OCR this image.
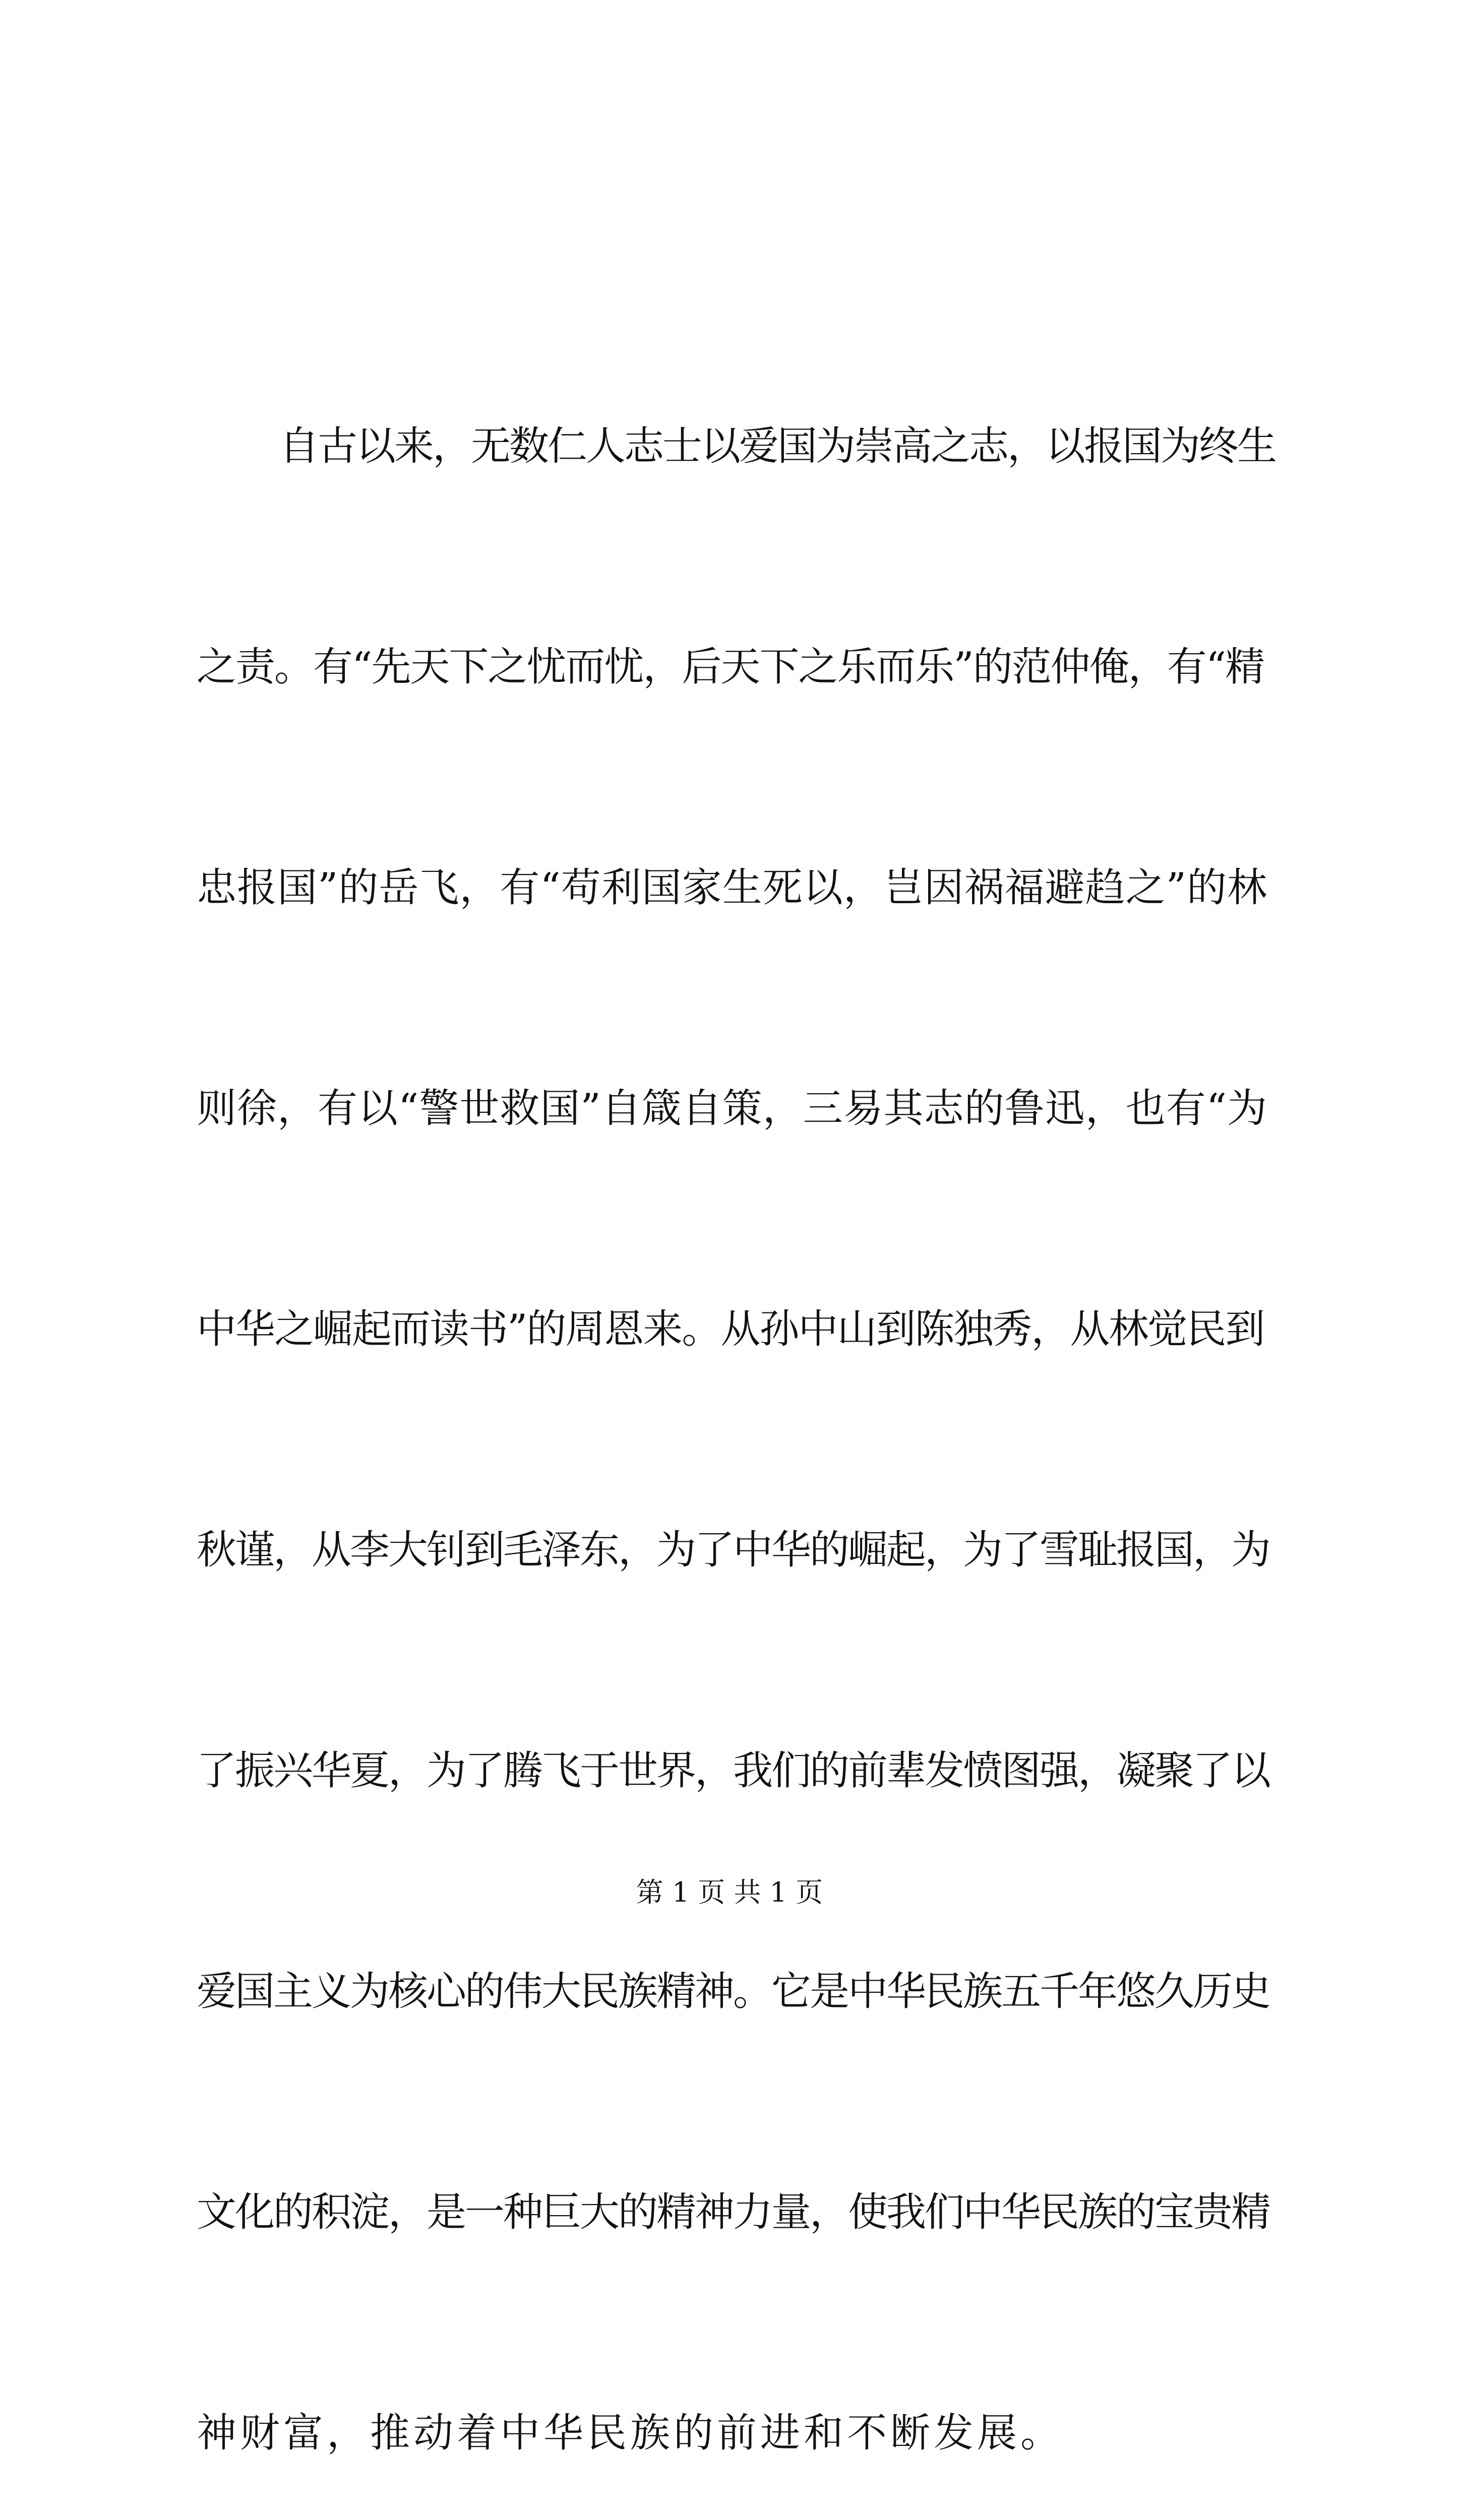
自古以来，无数仁人志士以爱国为崇高之志，以报国为终生

之责。有“先天下之忧而忧，后天下之乐而乐”的范仲俺，有“精

忠报国”的岳飞，有“苟利国家生死以，岂因祸福避趋之”的林

则徐，有以“警世救国”自箴自策，三易其志的鲁迅，也有“为

中华之崛起而读书”的周恩来。从孙中山到陈独秀，从林觉民到

秋谨，从李大钊到毛泽东，为了中华的崛起，为了雪耻报国，为

了振兴华夏，为了腾飞于世界，我们的前辈发愤图强，凝聚了以

爱国主义为核心的伟大民族精神。它是中华民族五千年悠久历史

文化的积淀，是一种巨大的精神力量，使我们中华民族的宝贵精

神财富，推动着中华民族的前进和不断发展。

第 1 页 共 1 页
